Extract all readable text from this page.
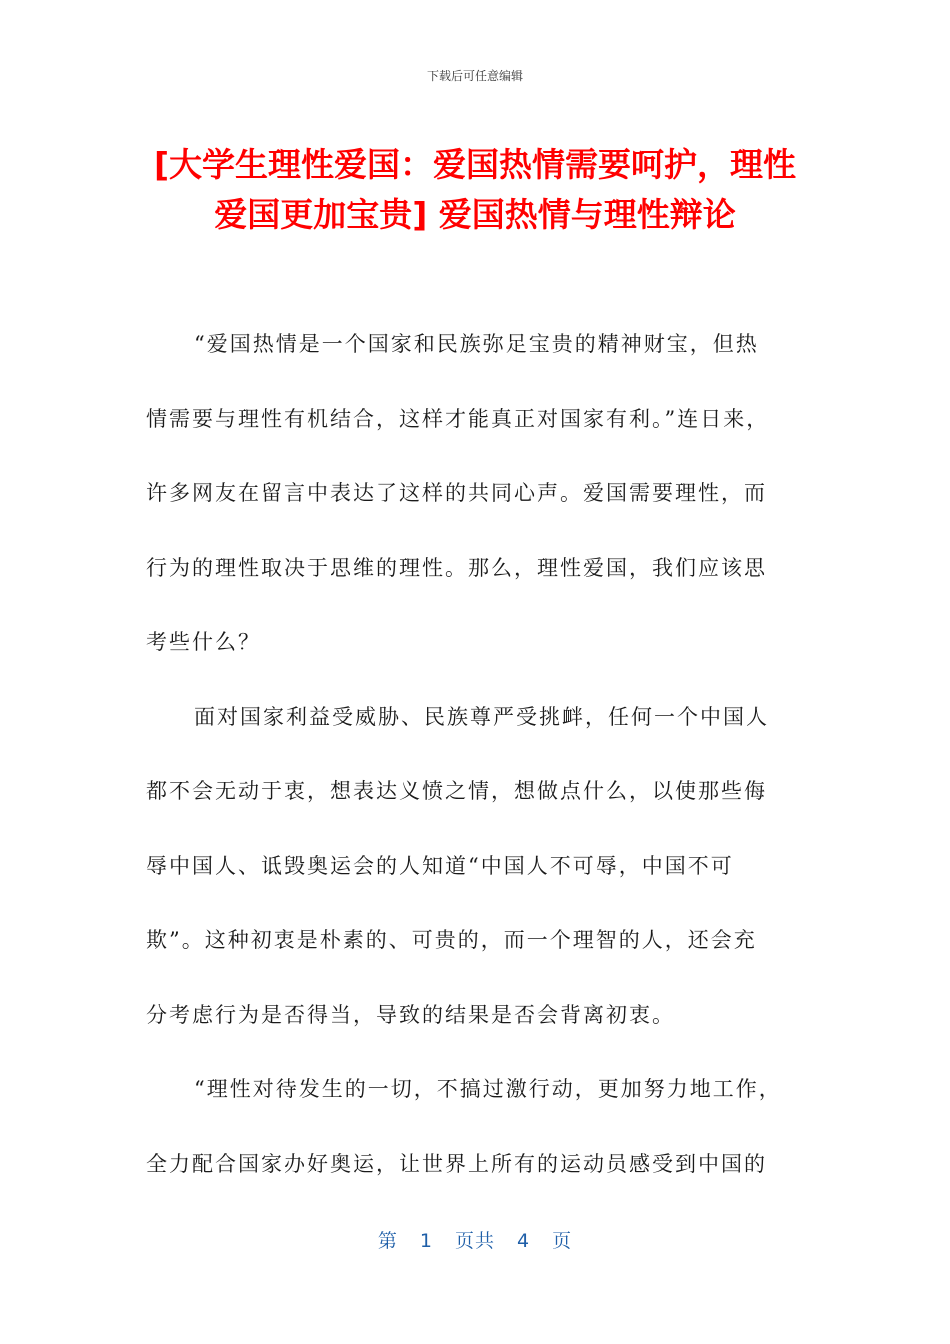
下载后可任意编辑
[大学生理性爱国：爱国热情需要呵护，理性
爱国更加宝贵] 爱国热情与理性辩论
“爱国热情是一个国家和民族弥足宝贵的精神财宝，但热
情需要与理性有机结合，这样才能真正对国家有利。”连日来，
许多网友在留言中表达了这样的共同心声。爱国需要理性，而
行为的理性取决于思维的理性。那么，理性爱国，我们应该思
考些什么？
面对国家利益受威胁、民族尊严受挑衅，任何一个中国人
都不会无动于衷，想表达义愤之情，想做点什么，以使那些侮
辱中国人、诋毁奥运会的人知道“中国人不可辱，中国不可
欺”。这种初衷是朴素的、可贵的，而一个理智的人，还会充
分考虑行为是否得当，导致的结果是否会背离初衷。
“理性对待发生的一切，不搞过激行动，更加努力地工作，
全力配合国家办好奥运，让世界上所有的运动员感受到中国的
第 1 页共 4 页
